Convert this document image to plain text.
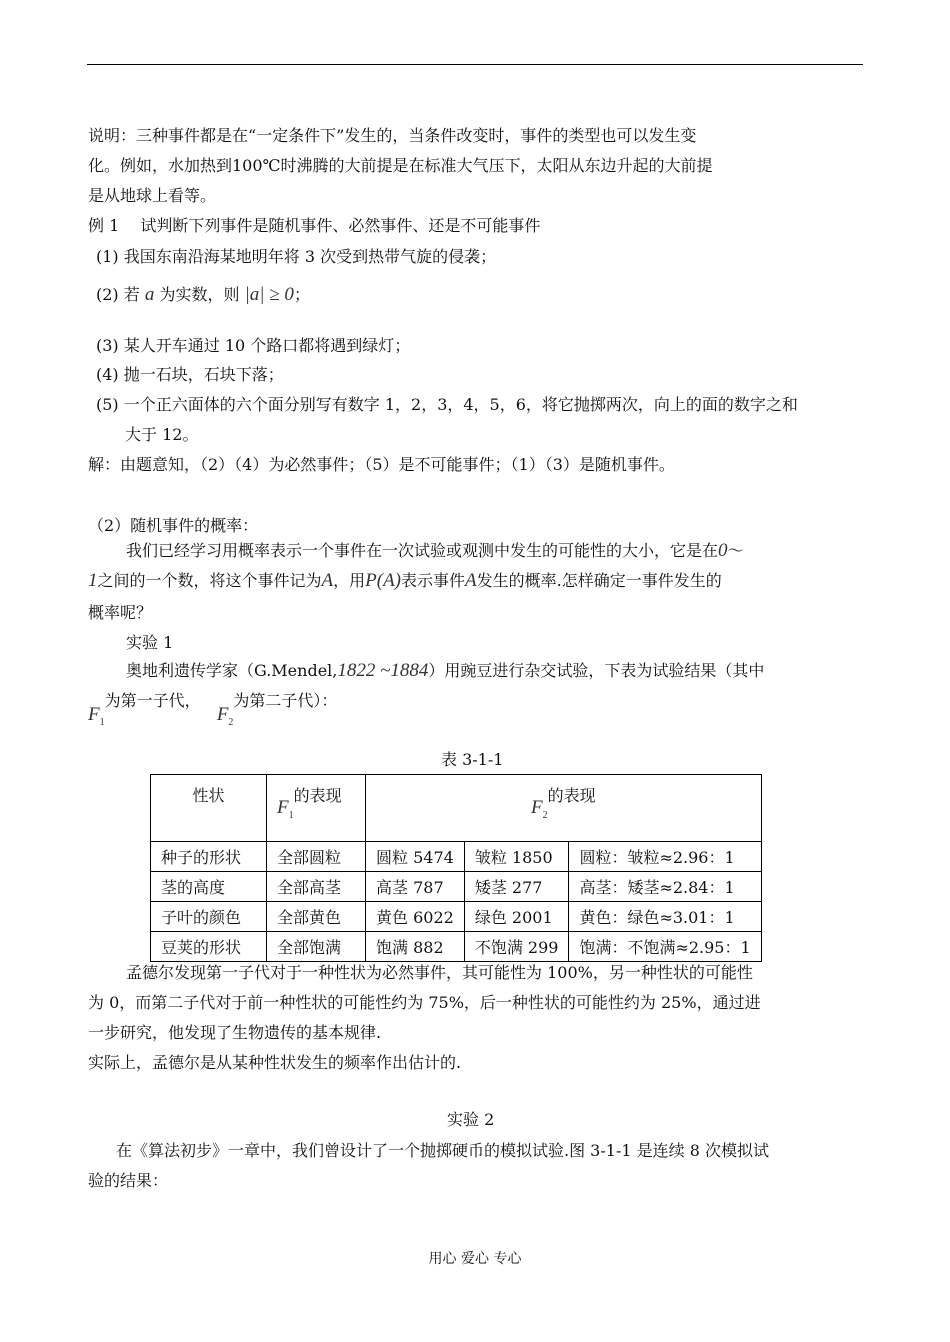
说明：三种事件都是在“一定条件下”发生的，当条件改变时，事件的类型也可以发生变
化。例如，水加热到100℃时沸腾的大前提是在标准大气压下，太阳从东边升起的大前提
是从地球上看等。
例 1　 试判断下列事件是随机事件、必然事件、还是不可能事件
(1) 我国东南沿海某地明年将 3 次受到热带气旋的侵袭；
(2) 若 a 为实数，则 |a| ≥ 0；
(3) 某人开车通过 10 个路口都将遇到绿灯；
(4) 抛一石块，石块下落；
(5) 一个正六面体的六个面分别写有数字 1，2，3，4，5，6，将它抛掷两次，向上的面的数字之和
大于 12。
解：由题意知，（2）（4）为必然事件；（5）是不可能事件；（1）（3）是随机事件。
（2）随机事件的概率：
我们已经学习用概率表示一个事件在一次试验或观测中发生的可能性的大小，它是在0～
1之间的一个数，将这个事件记为A，用P(A)表示事件A发生的概率.怎样确定一事件发生的
概率呢？
实验 1
奥地利遗传学家（G.Mendel,1822 ~1884）用豌豆进行杂交试验，下表为试验结果（其中
$F_1$为第一子代，  $F_2$为第二子代）：
表 3-1-1
性状	$F_1$的表现	$F_2$的表现		
种子的形状	全部圆粒	圆粒 5474	皱粒 1850	圆粒：皱粒≈2.96：1
茎的高度	全部高茎	高茎 787	矮茎 277	高茎：矮茎≈2.84：1
子叶的颜色	全部黄色	黄色 6022	绿色 2001	黄色：绿色≈3.01：1
豆荚的形状	全部饱满	饱满 882	不饱满 299	饱满：不饱满≈2.95：1
孟德尔发现第一子代对于一种性状为必然事件，其可能性为 100%，另一种性状的可能性
为 0，而第二子代对于前一种性状的可能性约为 75%，后一种性状的可能性约为 25%，通过进
一步研究，他发现了生物遗传的基本规律.
实际上，孟德尔是从某种性状发生的频率作出估计的.
实验 2
在《算法初步》一章中，我们曾设计了一个抛掷硬币的模拟试验.图 3-1-1 是连续 8 次模拟试
验的结果：
用心 爱心 专心
